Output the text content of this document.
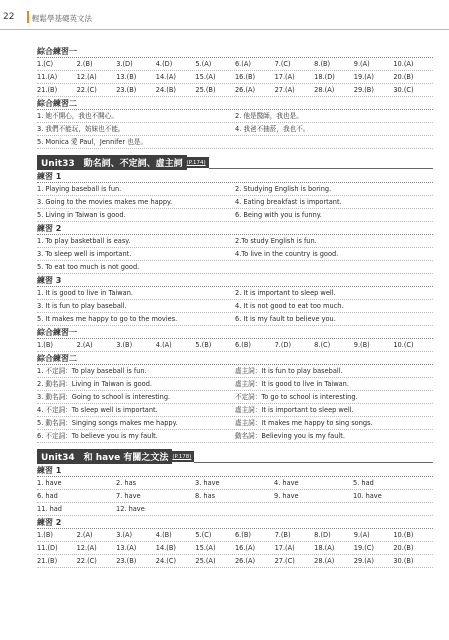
22 輕鬆學基礎英文法
綜合練習一
1.(C)	2.(B)	3.(D)	4.(D)	5.(A)	6.(A)	7.(C)	8.(B)	9.(A)	10.(A)
11.(A)	12.(A)	13.(B)	14.(A)	15.(A)	16.(B)	17.(A)	18.(D)	19.(A)	20.(B)
21.(B)	22.(C)	23.(B)	24.(B)	25.(B)	26.(A)	27.(A)	28.(A)	29.(B)	30.(C)
綜合練習二
1. 她不開心，我也不開心。	2. 他是醫師，我也是。
3. 我們不能玩，妨妹也不能。	4. 我爸不抽菸，我也不。
5. Monica 愛 Paul，Jennifer 也是。
Unit33　動名詞、不定詞、虛主詞 (P.174)
練習 1
1. Playing baseball is fun.	2. Studying English is boring.
3. Going to the movies makes me happy.	4. Eating breakfast is important.
5. Living in Taiwan is good.	6. Being with you is funny.
練習 2
1. To play basketball is easy.	2.To study English is fun.
3. To sleep well is important.	4.To live in the country is good.
5. To eat too much is not good.
練習 3
1. It is good to live in Taiwan.	2. It is important to sleep well.
3. It is fun to play baseball.	4. It is not good to eat too much.
5. It makes me happy to go to the movies.	6. It is my fault to believe you.
綜合練習一
1.(B)	2.(A)	3.(B)	4.(A)	5.(B)	6.(B)	7.(D)	8.(C)	9.(B)	10.(C)
綜合練習二
1. 不定詞：To play baseball is fun.	虛主詞：It is fun to play baseball.
2. 動名詞：Living in Taiwan is good.	虛主詞：It is good to live in Taiwan.
3. 動名詞：Going to school is interesting.	不定詞：To go to school is interesting.
4. 不定詞：To sleep well is important.	虛主詞：It is important to sleep well.
5. 動名詞：Singing songs makes me happy.	虛主詞：It makes me happy to sing songs.
6. 不定詞：To believe you is my fault.	動名詞：Believing you is my fault.
Unit34　和 have 有關之文法 (P.178)
練習 1
1. have	2. has	3. have	4. have	5. had
6. had	7. have	8. has	9. have	10. have
11. had	12. have
練習 2
1.(B)	2.(A)	3.(A)	4.(B)	5.(C)	6.(B)	7.(B)	8.(D)	9.(A)	10.(B)
11.(D)	12.(A)	13.(A)	14.(B)	15.(A)	16.(A)	17.(A)	18.(A)	19.(C)	20.(B)
21.(B)	22.(C)	23.(B)	24.(C)	25.(A)	26.(A)	27.(C)	28.(A)	29.(A)	30.(B)
